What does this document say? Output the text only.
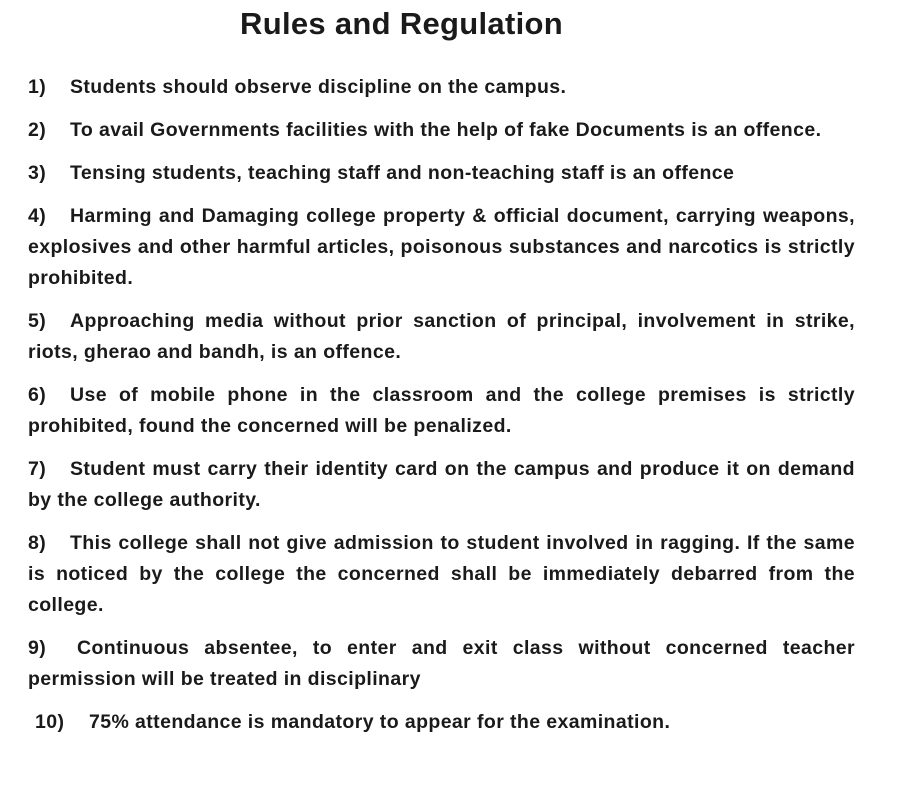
Rules and Regulation
1) Students should observe discipline on the campus.
2) To avail Governments facilities with the help of fake Documents is an offence.
3) Tensing students, teaching staff and non-teaching staff is an offence
4) Harming and Damaging college property & official document, carrying weapons, explosives and other harmful articles, poisonous substances and narcotics is strictly prohibited.
5) Approaching media without prior sanction of principal, involvement in strike, riots, gherao and bandh, is an offence.
6) Use of mobile phone in the classroom and the college premises is strictly prohibited, found the concerned will be penalized.
7) Student must carry their identity card on the campus and produce it on demand by the college authority.
8) This college shall not give admission to student involved in ragging. If the same is noticed by the college the concerned shall be immediately debarred from the college.
9) Continuous absentee, to enter and exit class without concerned teacher permission will be treated in disciplinary
10) 75% attendance is mandatory to appear for the examination.
